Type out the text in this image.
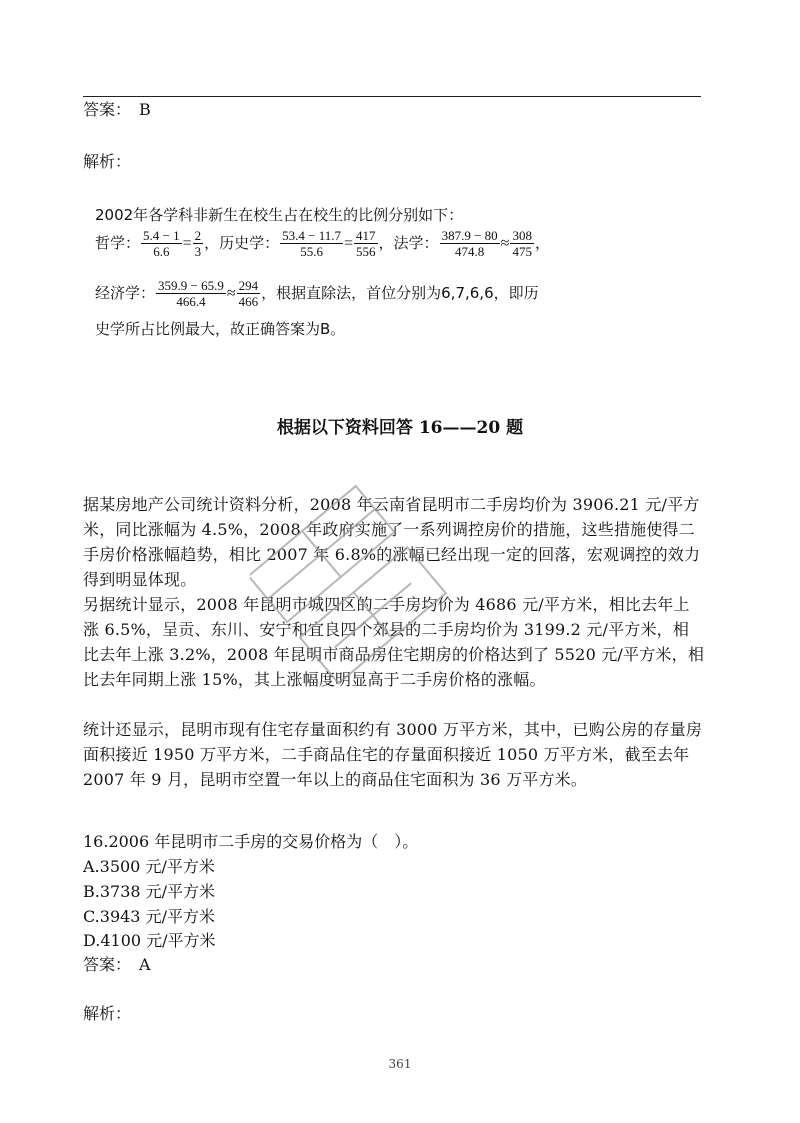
答案：　B
解析：
2002年各学科非新生在校生占在校生的比例分别如下：
哲学： $\frac{5.4 - 1}{6.6} = \frac{2}{3}$ ，历史学： $\frac{53.4 - 11.7}{55.6} = \frac{417}{556}$ ，法学： $\frac{387.9 - 80}{474.8} \approx \frac{308}{475}$ ，
经济学： $\frac{359.9 - 65.9}{466.4} \approx \frac{294}{466}$ ，根据直除法，首位分别为6,7,6,6，即历
史学所占比例最大，故正确答案为B。
根据以下资料回答 16——20 题
据某房地产公司统计资料分析，2008 年云南省昆明市二手房均价为 3906.21 元/平方米，同比涨幅为 4.5%，2008 年政府实施了一系列调控房价的措施，这些措施使得二手房价格涨幅趋势，相比 2007 年 6.8%的涨幅已经出现一定的回落，宏观调控的效力得到明显体现。
另据统计显示，2008 年昆明市城四区的二手房均价为 4686 元/平方米，相比去年上涨 6.5%，呈贡、东川、安宁和宜良四个郊县的二手房均价为 3199.2 元/平方米，相比去年上涨 3.2%，2008 年昆明市商品房住宅期房的价格达到了 5520 元/平方米，相比去年同期上涨 15%，其上涨幅度明显高于二手房价格的涨幅。
统计还显示，昆明市现有住宅存量面积约有 3000 万平方米，其中，已购公房的存量房面积接近 1950 万平方米，二手商品住宅的存量面积接近 1050 万平方米，截至去年 2007 年 9 月，昆明市空置一年以上的商品住宅面积为 36 万平方米。
16.2006 年昆明市二手房的交易价格为（　）。
A.3500 元/平方米
B.3738 元/平方米
C.3943 元/平方米
D.4100 元/平方米
答案：　A
解析：
361
